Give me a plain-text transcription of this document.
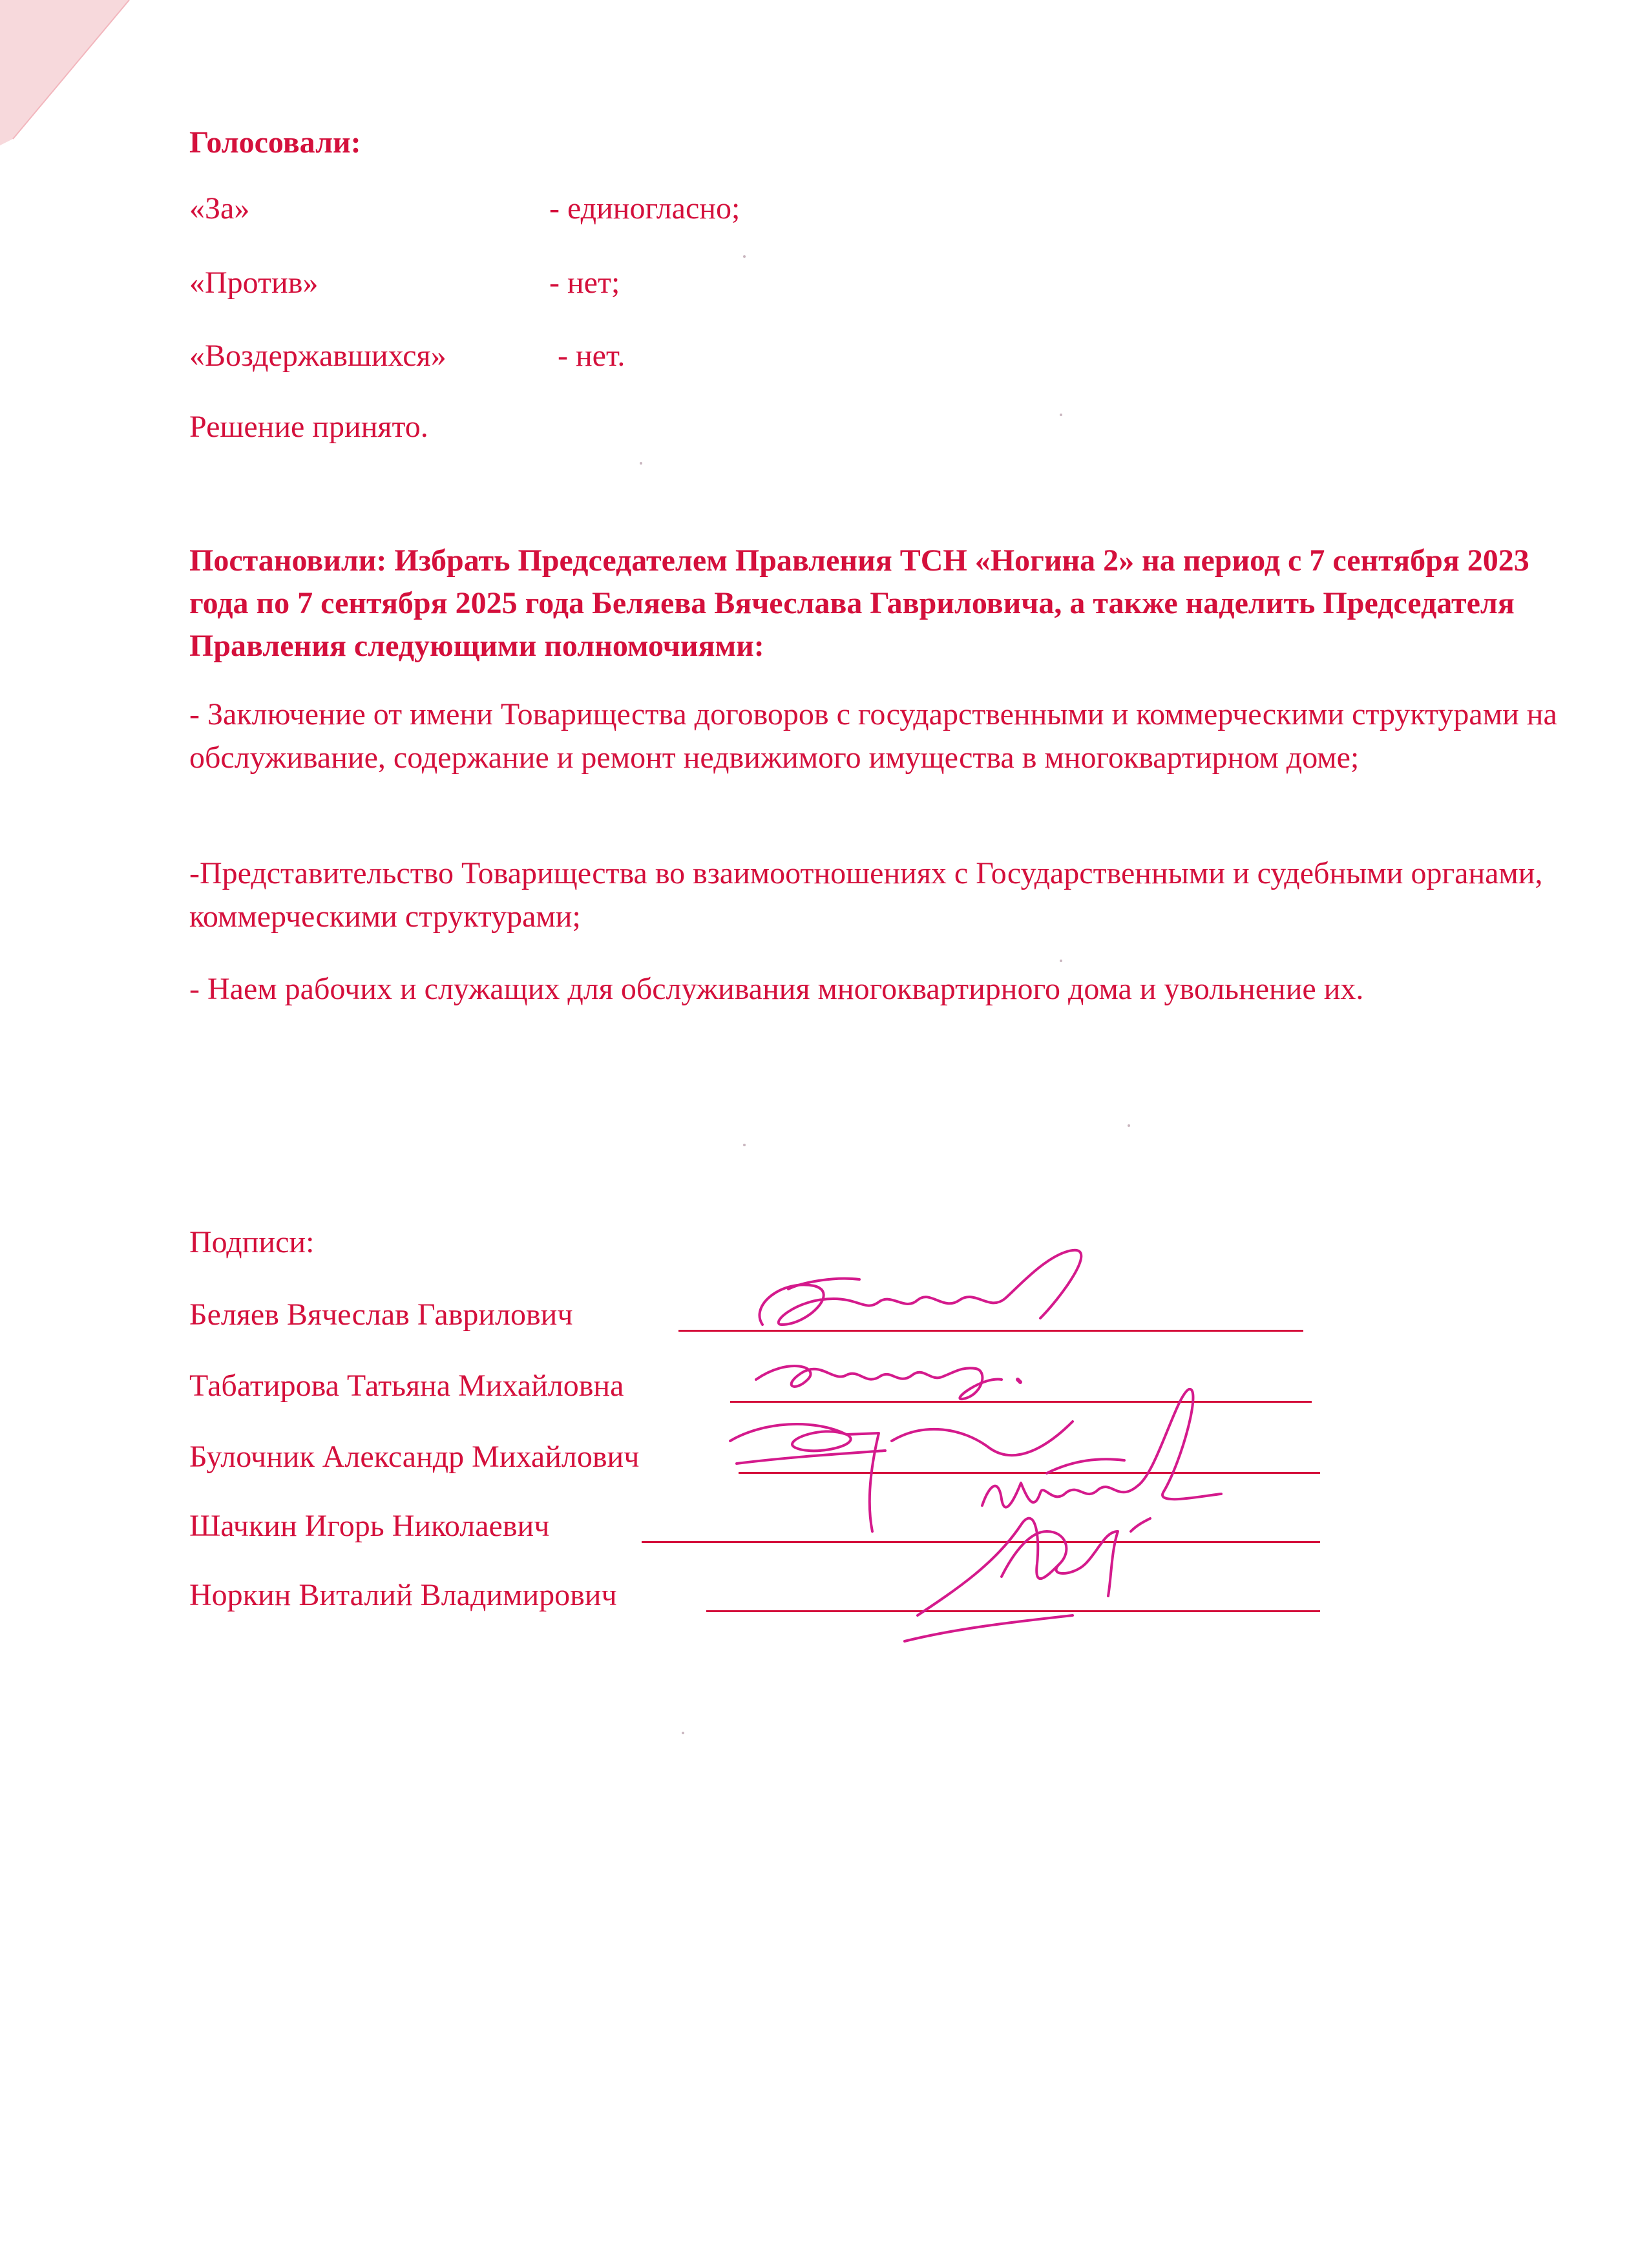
Голосовали:
«За»	- единогласно;
«Против»	- нет;
«Воздержавшихся»	- нет.
Решение принято.
Постановили: Избрать Председателем Правления ТСН «Ногина 2» на период с 7 сентября 2023 года по 7 сентября 2025 года Беляева Вячеслава Гавриловича, а также наделить Председателя Правления следующими полномочиями:
- Заключение от имени Товарищества договоров с государственными и коммерческими структурами на обслуживание, содержание и ремонт недвижимого имущества в многоквартирном доме;
-Представительство Товарищества во взаимоотношениях с Государственными и судебными органами, коммерческими структурами;
- Наем рабочих и служащих для обслуживания многоквартирного дома и увольнение их.
Подписи:
Беляев Вячеслав Гаврилович
Табатирова Татьяна Михайловна
Булочник Александр Михайлович
Шачкин Игорь Николаевич
Норкин Виталий Владимирович
